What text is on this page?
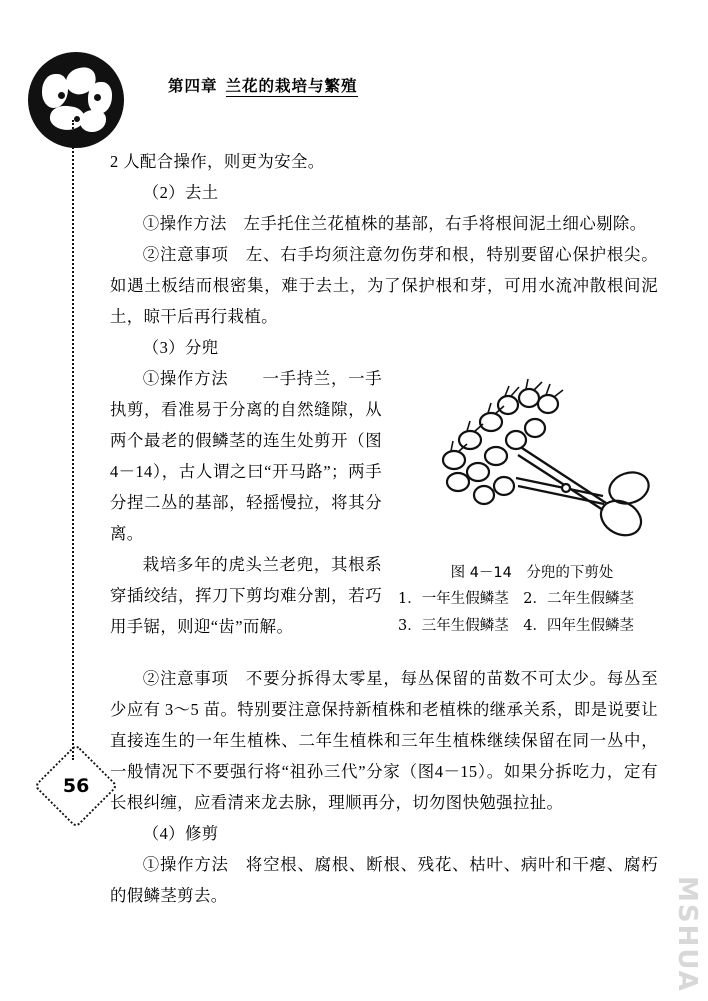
第四章 兰花的栽培与繁殖
56
图 4－14　分兜的下剪处
1．一年生假鳞茎　2．二年生假鳞茎
3．三年生假鳞茎　4．四年生假鳞茎

2 人配合操作，则更为安全。

（2）去土

①操作方法　左手托住兰花植株的基部，右手将根间泥土细心剔除。

②注意事项　左、右手均须注意勿伤芽和根，特别要留心保护根尖。如遇土板结而根密集，难于去土，为了保护根和芽，可用水流冲散根间泥土，晾干后再行栽植。

（3）分兜

①操作方法　　一手持兰，一手执剪，看准易于分离的自然缝隙，从两个最老的假鳞茎的连生处剪开（图4－14），古人谓之曰“开马路”；两手分捏二丛的基部，轻摇慢拉，将其分离。

栽培多年的虎头兰老兜，其根系穿插绞结，挥刀下剪均难分割，若巧用手锯，则迎“齿”而解。

②注意事项　不要分拆得太零星，每丛保留的苗数不可太少。每丛至少应有 3～5 苗。特别要注意保持新植株和老植株的继承关系，即是说要让直接连生的一年生植株、二年生植株和三年生植株继续保留在同一丛中，一般情况下不要强行将“祖孙三代”分家（图4－15）。如果分拆吃力，定有长根纠缠，应看清来龙去脉，理顺再分，切勿图快勉强拉扯。

（4）修剪

①操作方法　将空根、腐根、断根、残花、枯叶、病叶和干瘪、腐朽的假鳞茎剪去。	MSHUA
